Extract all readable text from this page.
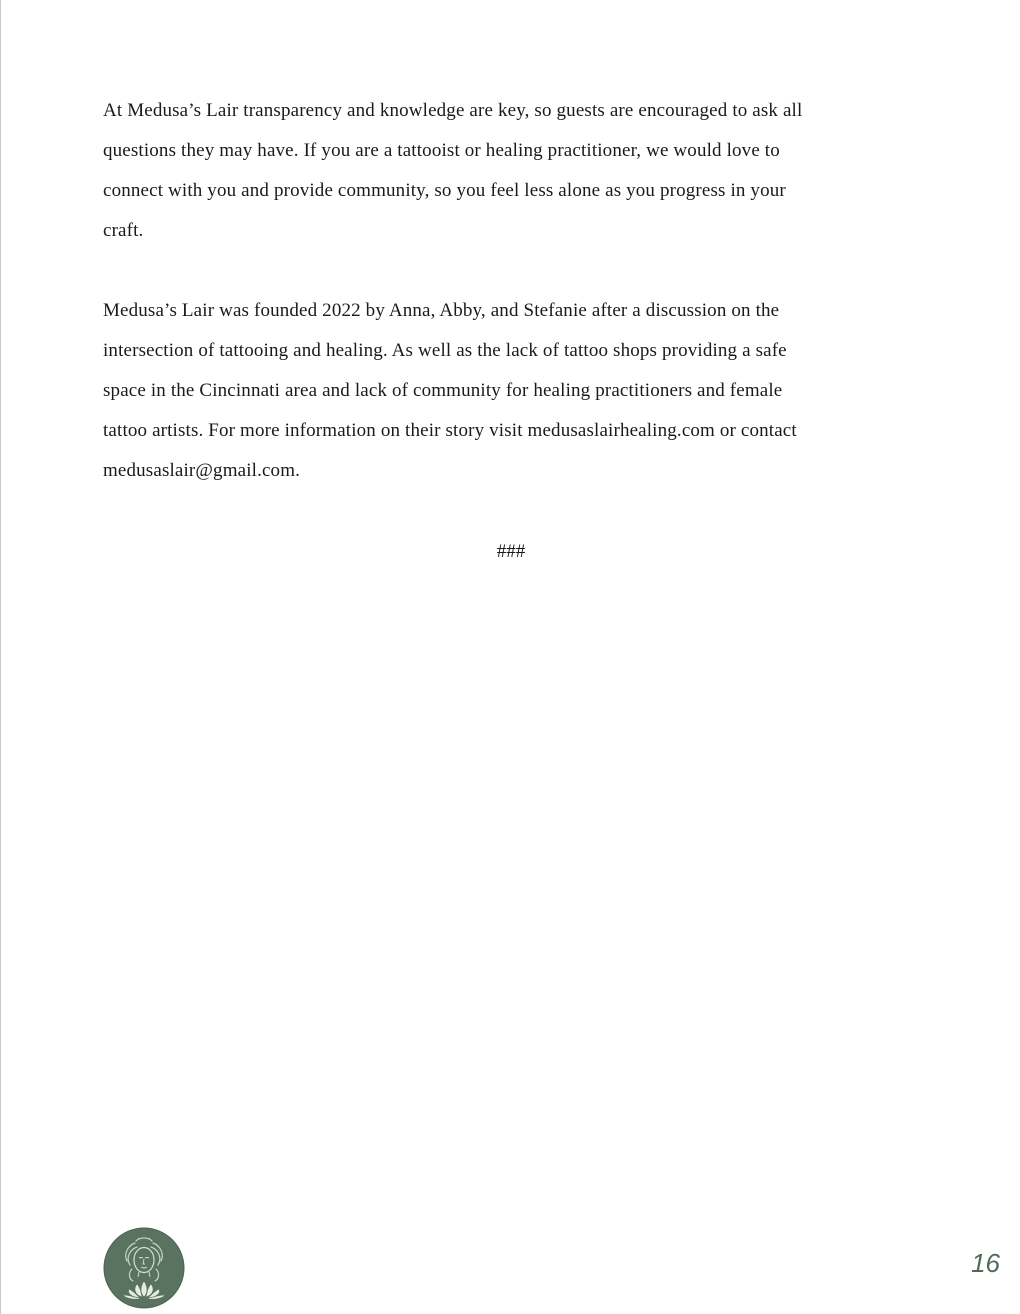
At Medusa’s Lair transparency and knowledge are key, so guests are encouraged to ask all
questions they may have. If you are a tattooist or healing practitioner, we would love to
connect with you and provide community, so you feel less alone as you progress in your
craft.
Medusa’s Lair was founded 2022 by Anna, Abby, and Stefanie after a discussion on the
intersection of tattooing and healing. As well as the lack of tattoo shops providing a safe
space in the Cincinnati area and lack of community for healing practitioners and female
tattoo artists. For more information on their story visit medusaslairhealing.com or contact
medusaslair@gmail.com.
###
16
